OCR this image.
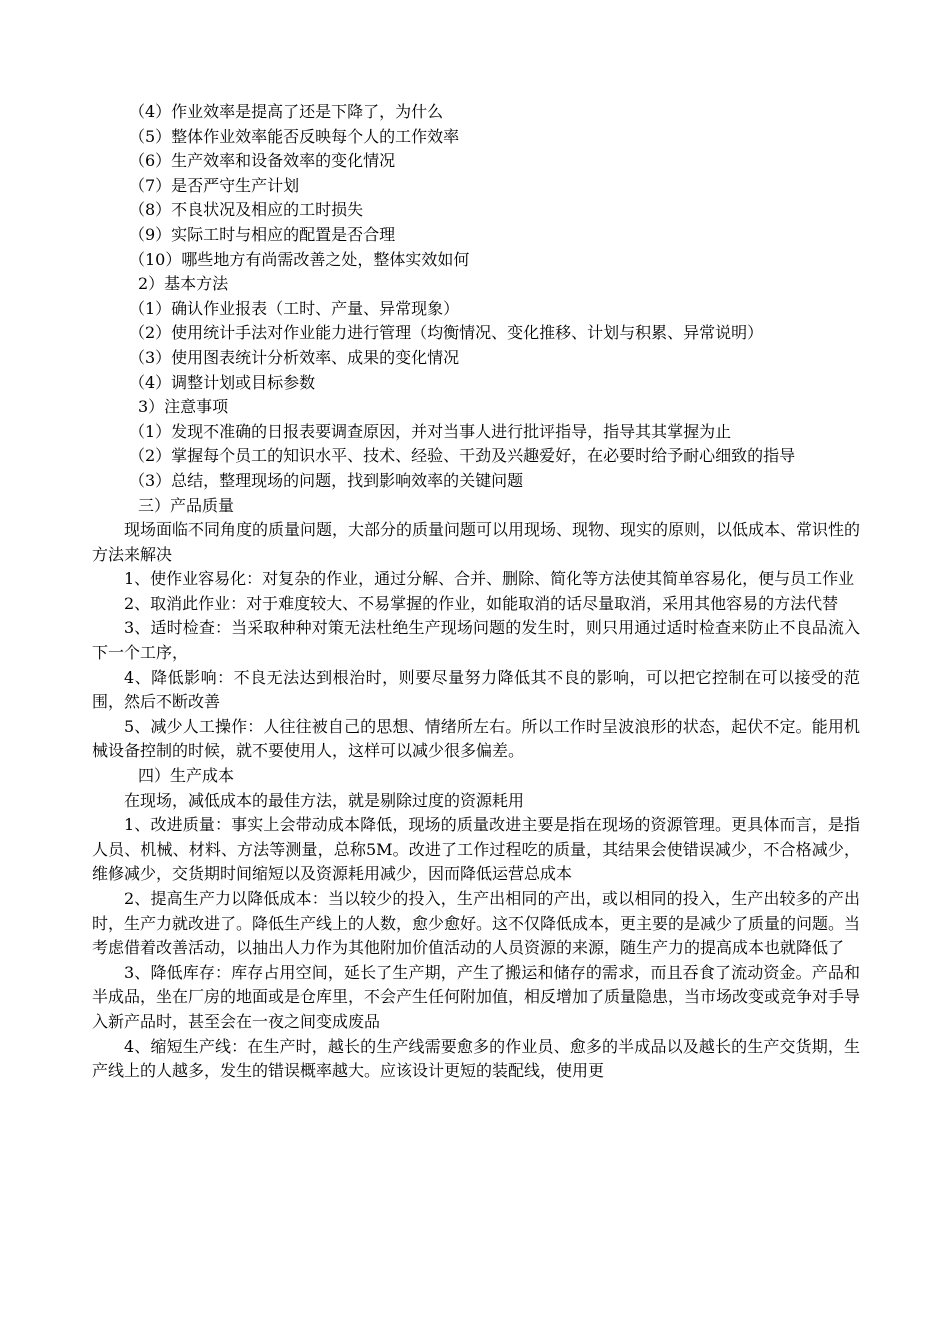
（4）作业效率是提高了还是下降了，为什么

（5）整体作业效率能否反映每个人的工作效率

（6）生产效率和设备效率的变化情况

（7）是否严守生产计划

（8）不良状况及相应的工时损失

（9）实际工时与相应的配置是否合理

（10）哪些地方有尚需改善之处，整体实效如何

2）基本方法

（1）确认作业报表（工时、产量、异常现象）

（2）使用统计手法对作业能力进行管理（均衡情况、变化推移、计划与积累、异常说明）

（3）使用图表统计分析效率、成果的变化情况

（4）调整计划或目标参数

3）注意事项

（1）发现不准确的日报表要调查原因，并对当事人进行批评指导，指导其其掌握为止

（2）掌握每个员工的知识水平、技术、经验、干劲及兴趣爱好，在必要时给予耐心细致的指导

（3）总结，整理现场的问题，找到影响效率的关键问题

三）产品质量

现场面临不同角度的质量问题，大部分的质量问题可以用现场、现物、现实的原则，以低成本、常识性的方法来解决

1、使作业容易化：对复杂的作业，通过分解、合并、删除、简化等方法使其简单容易化，便与员工作业

2、取消此作业：对于难度较大、不易掌握的作业，如能取消的话尽量取消，采用其他容易的方法代替

3、适时检查：当采取种种对策无法杜绝生产现场问题的发生时，则只用通过适时检查来防止不良品流入下一个工序，

4、降低影响：不良无法达到根治时，则要尽量努力降低其不良的影响，可以把它控制在可以接受的范围，然后不断改善

5、减少人工操作：人往往被自己的思想、情绪所左右。所以工作时呈波浪形的状态，起伏不定。能用机械设备控制的时候，就不要使用人，这样可以减少很多偏差。

四）生产成本

在现场，减低成本的最佳方法，就是剔除过度的资源耗用

1、改进质量：事实上会带动成本降低，现场的质量改进主要是指在现场的资源管理。更具体而言，是指人员、机械、材料、方法等测量，总称5M。改进了工作过程吃的质量，其结果会使错误减少，不合格减少，维修减少，交货期时间缩短以及资源耗用减少，因而降低运营总成本

2、提高生产力以降低成本：当以较少的投入，生产出相同的产出，或以相同的投入，生产出较多的产出时，生产力就改进了。降低生产线上的人数，愈少愈好。这不仅降低成本，更主要的是减少了质量的问题。当考虑借着改善活动，以抽出人力作为其他附加价值活动的人员资源的来源，随生产力的提高成本也就降低了

3、降低库存：库存占用空间，延长了生产期，产生了搬运和储存的需求，而且吞食了流动资金。产品和半成品，坐在厂房的地面或是仓库里，不会产生任何附加值，相反增加了质量隐患，当市场改变或竞争对手导入新产品时，甚至会在一夜之间变成废品

4、缩短生产线：在生产时，越长的生产线需要愈多的作业员、愈多的半成品以及越长的生产交货期，生产线上的人越多，发生的错误概率越大。应该设计更短的装配线，使用更
